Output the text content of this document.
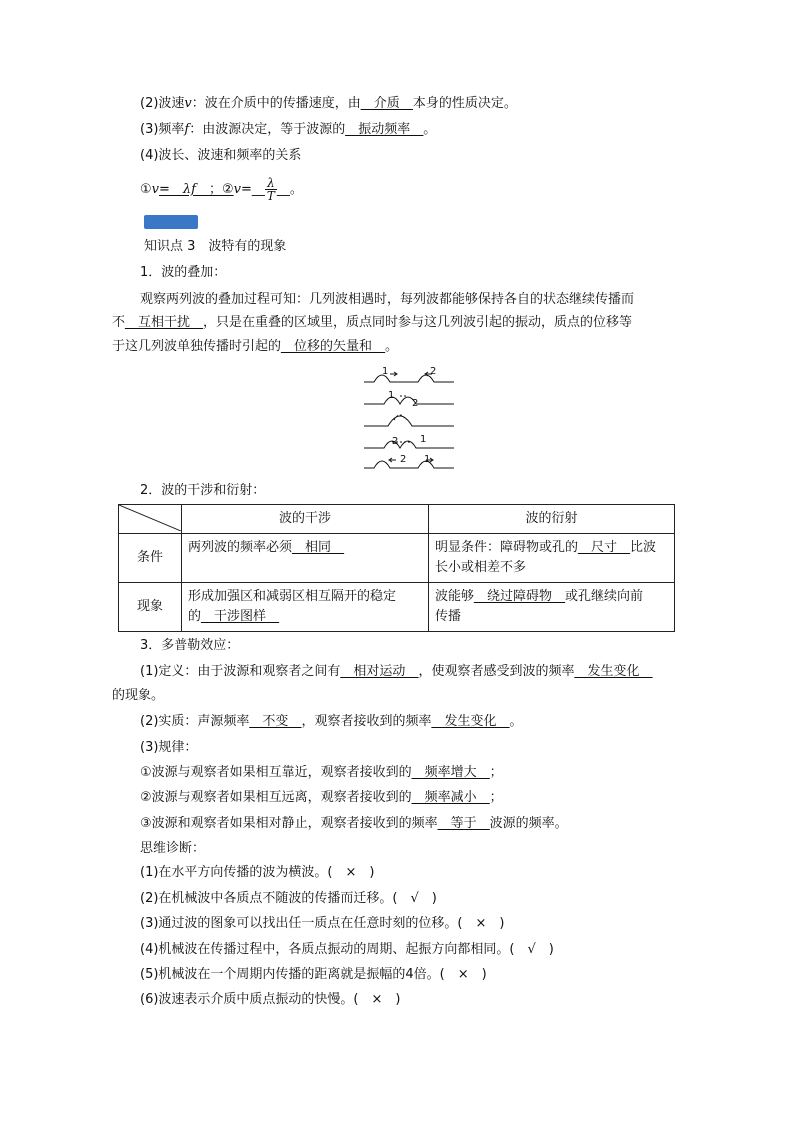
(2)波速v：波在介质中的传播速度，由__介质__本身的性质决定。
(3)频率f：由波源决定，等于波源的__振动频率__。
(4)波长、波速和频率的关系
①v=__λf__；②v=__ $\frac{\lambda}{T}$ __。
知识点 3　波特有的现象
1．波的叠加：
观察两列波的叠加过程可知：几列波相遇时，每列波都能够保持各自的状态继续传播而
不__互相干扰__，只是在重叠的区域里，质点同时参与这几列波引起的振动，质点的位移等
于这几列波单独传播时引起的__位移的矢量和__。
1	2
1
2
2 1
2 1
2．波的干涉和衍射：
	波的干涉	波的衍射
条件	两列波的频率必须__相同__	明显条件：障碍物或孔的__尺寸__比波
长小或相差不多
现象	形成加强区和减弱区相互隔开的稳定
的__干涉图样__	波能够__绕过障碍物__或孔继续向前
传播
3．多普勒效应：
(1)定义：由于波源和观察者之间有__相对运动__，使观察者感受到波的频率__发生变化__
的现象。
(2)实质：声源频率__不变__，观察者接收到的频率__发生变化__。
(3)规律：
①波源与观察者如果相互靠近，观察者接收到的__频率增大__；
②波源与观察者如果相互远离，观察者接收到的__频率减小__；
③波源和观察者如果相对静止，观察者接收到的频率__等于__波源的频率。
思维诊断：
(1)在水平方向传播的波为横波。(　×　)
(2)在机械波中各质点不随波的传播而迁移。(　√　)
(3)通过波的图象可以找出任一质点在任意时刻的位移。(　×　)
(4)机械波在传播过程中，各质点振动的周期、起振方向都相同。(　√　)
(5)机械波在一个周期内传播的距离就是振幅的4倍。(　×　)
(6)波速表示介质中质点振动的快慢。(　×　)
